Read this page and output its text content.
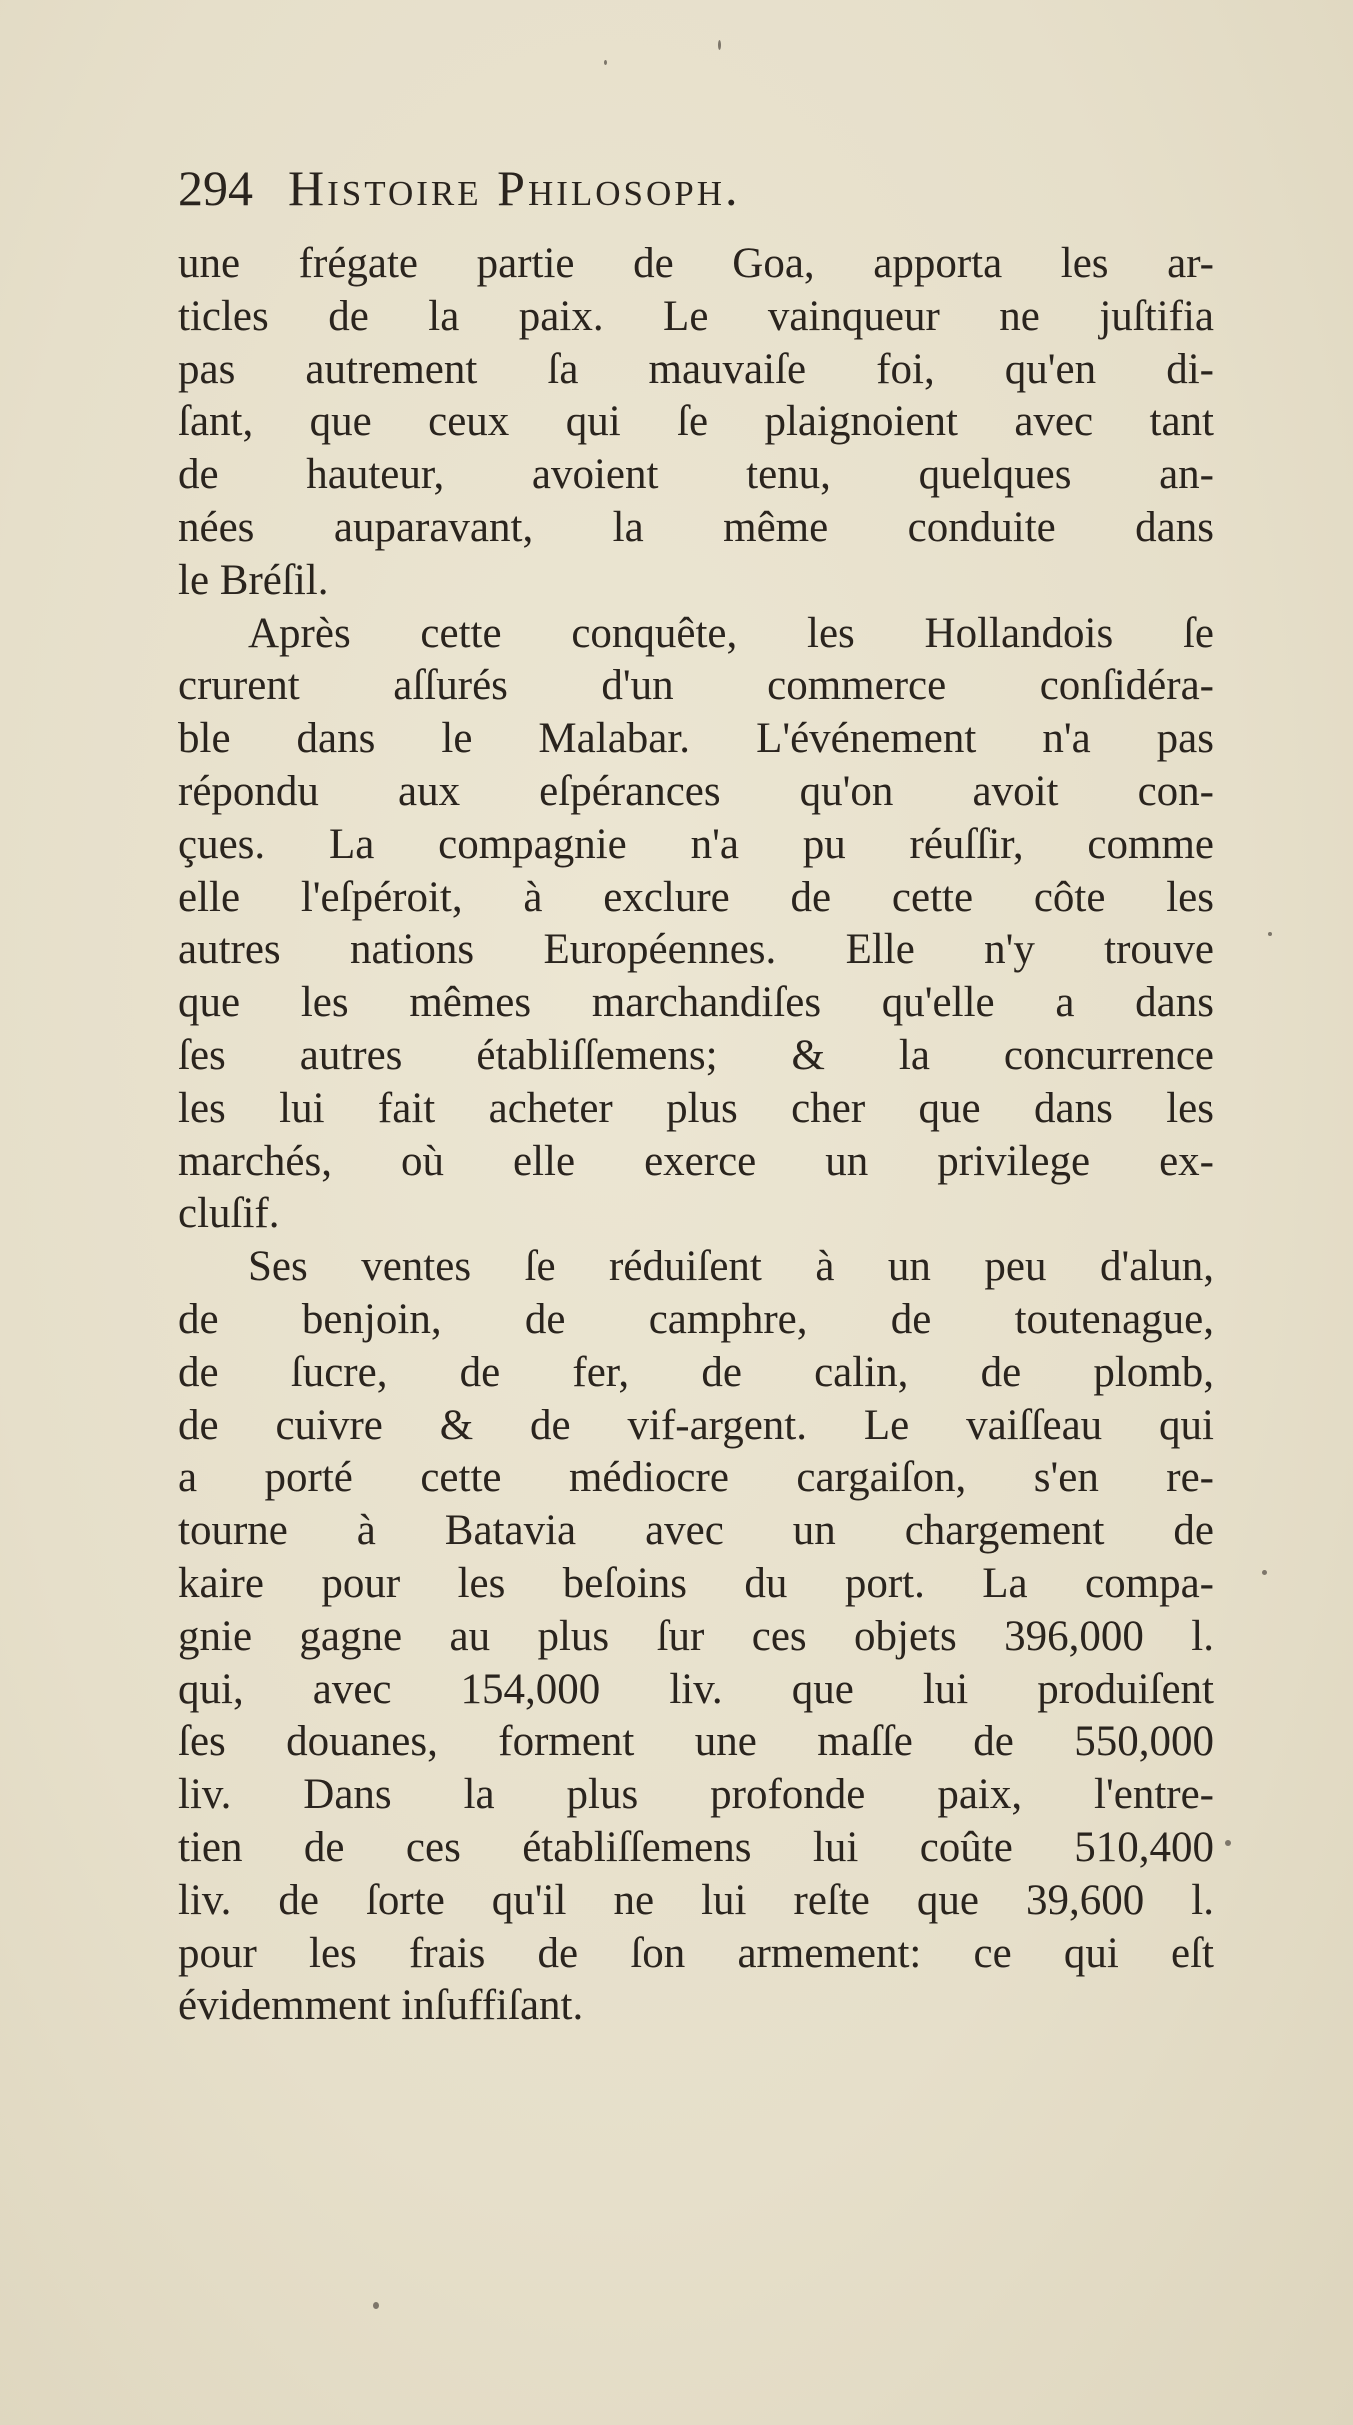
294 Histoire Philosoph.
une frégate partie de Goa, apporta les ar-
ticles de la paix. Le vainqueur ne juſtifia
pas autrement ſa mauvaiſe foi, qu'en di-
ſant, que ceux qui ſe plaignoient avec tant
de hauteur, avoient tenu, quelques an-
nées auparavant, la même conduite dans
le Bréſil.
Après cette conquête, les Hollandois ſe
crurent aſſurés d'un commerce conſidéra-
ble dans le Malabar. L'événement n'a pas
répondu aux eſpérances qu'on avoit con-
çues. La compagnie n'a pu réuſſir, comme
elle l'eſpéroit, à exclure de cette côte les
autres nations Européennes. Elle n'y trouve
que les mêmes marchandiſes qu'elle a dans
ſes autres établiſſemens; & la concurrence
les lui fait acheter plus cher que dans les
marchés, où elle exerce un privilege ex-
cluſif.
Ses ventes ſe réduiſent à un peu d'alun,
de benjoin, de camphre, de toutenague,
de ſucre, de fer, de calin, de plomb,
de cuivre & de vif-argent. Le vaiſſeau qui
a porté cette médiocre cargaiſon, s'en re-
tourne à Batavia avec un chargement de
kaire pour les beſoins du port. La compa-
gnie gagne au plus ſur ces objets 396,000 l.
qui, avec 154,000 liv. que lui produiſent
ſes douanes, forment une maſſe de 550,000
liv. Dans la plus profonde paix, l'entre-
tien de ces établiſſemens lui coûte 510,400
liv. de ſorte qu'il ne lui reſte que 39,600 l.
pour les frais de ſon armement: ce qui eſt
évidemment inſuffiſant.
